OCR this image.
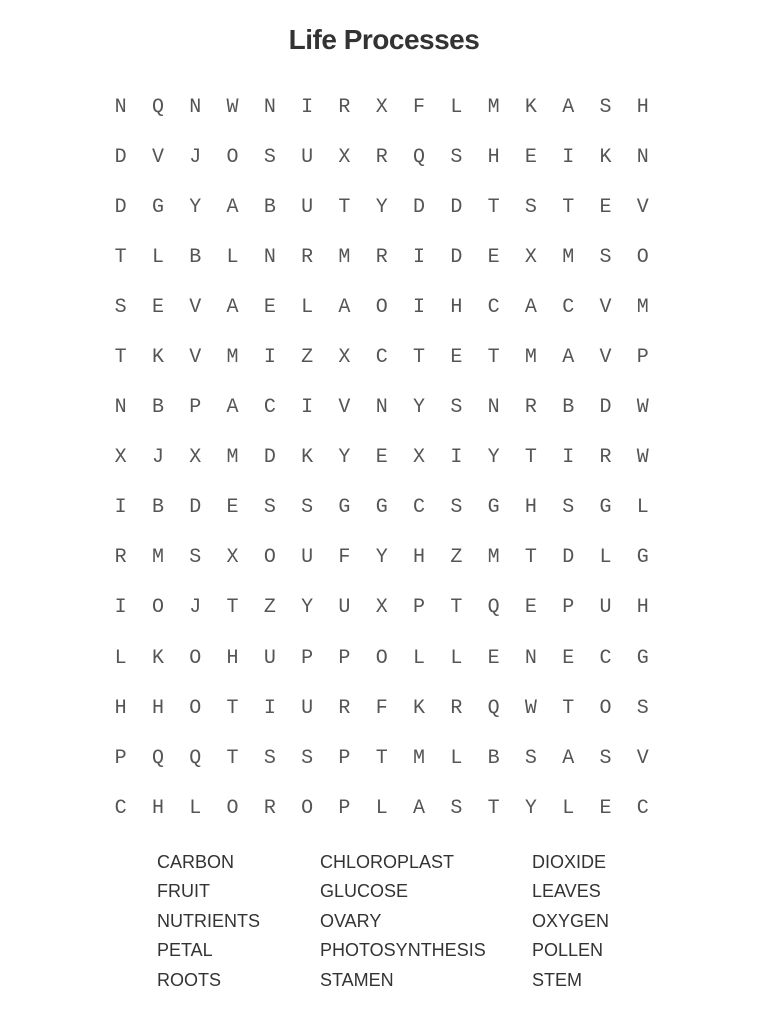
Life Processes
N	Q	N	W	N	I	R	X	F	L	M	K	A	S	H
D	V	J	O	S	U	X	R	Q	S	H	E	I	K	N
D	G	Y	A	B	U	T	Y	D	D	T	S	T	E	V
T	L	B	L	N	R	M	R	I	D	E	X	M	S	O
S	E	V	A	E	L	A	O	I	H	C	A	C	V	M
T	K	V	M	I	Z	X	C	T	E	T	M	A	V	P
N	B	P	A	C	I	V	N	Y	S	N	R	B	D	W
X	J	X	M	D	K	Y	E	X	I	Y	T	I	R	W
I	B	D	E	S	S	G	G	C	S	G	H	S	G	L
R	M	S	X	O	U	F	Y	H	Z	M	T	D	L	G
I	O	J	T	Z	Y	U	X	P	T	Q	E	P	U	H
L	K	O	H	U	P	P	O	L	L	E	N	E	C	G
H	H	O	T	I	U	R	F	K	R	Q	W	T	O	S
P	Q	Q	T	S	S	P	T	M	L	B	S	A	S	V
C	H	L	O	R	O	P	L	A	S	T	Y	L	E	C
CARBON	CHLOROPLAST	DIOXIDE
FRUIT	GLUCOSE	LEAVES
NUTRIENTS	OVARY	OXYGEN
PETAL	PHOTOSYNTHESIS	POLLEN
ROOTS	STAMEN	STEM
